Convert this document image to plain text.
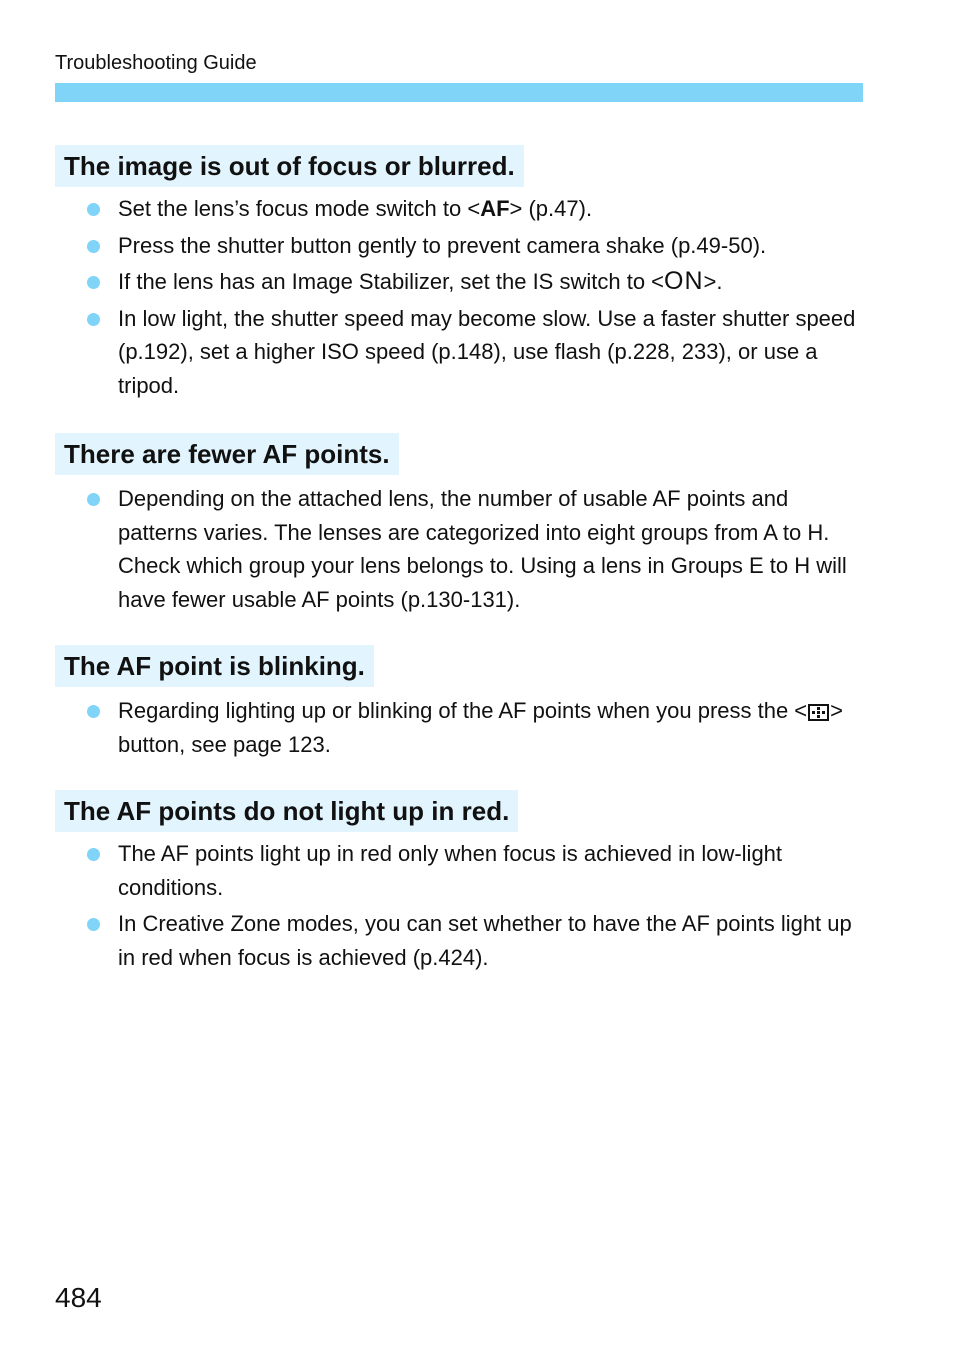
Troubleshooting Guide
The image is out of focus or blurred.
Set the lens’s focus mode switch to <AF> (p.47).
Press the shutter button gently to prevent camera shake (p.49-50).
If the lens has an Image Stabilizer, set the IS switch to <ON>.
In low light, the shutter speed may become slow. Use a faster shutter speed (p.192), set a higher ISO speed (p.148), use flash (p.228, 233), or use a tripod.
There are fewer AF points.
Depending on the attached lens, the number of usable AF points and patterns varies. The lenses are categorized into eight groups from A to H. Check which group your lens belongs to. Using a lens in Groups E to H will have fewer usable AF points (p.130-131).
The AF point is blinking.
Regarding lighting up or blinking of the AF points when you press the < > button, see page 123.
The AF points do not light up in red.
The AF points light up in red only when focus is achieved in low-light conditions.
In Creative Zone modes, you can set whether to have the AF points light up in red when focus is achieved (p.424).
484
